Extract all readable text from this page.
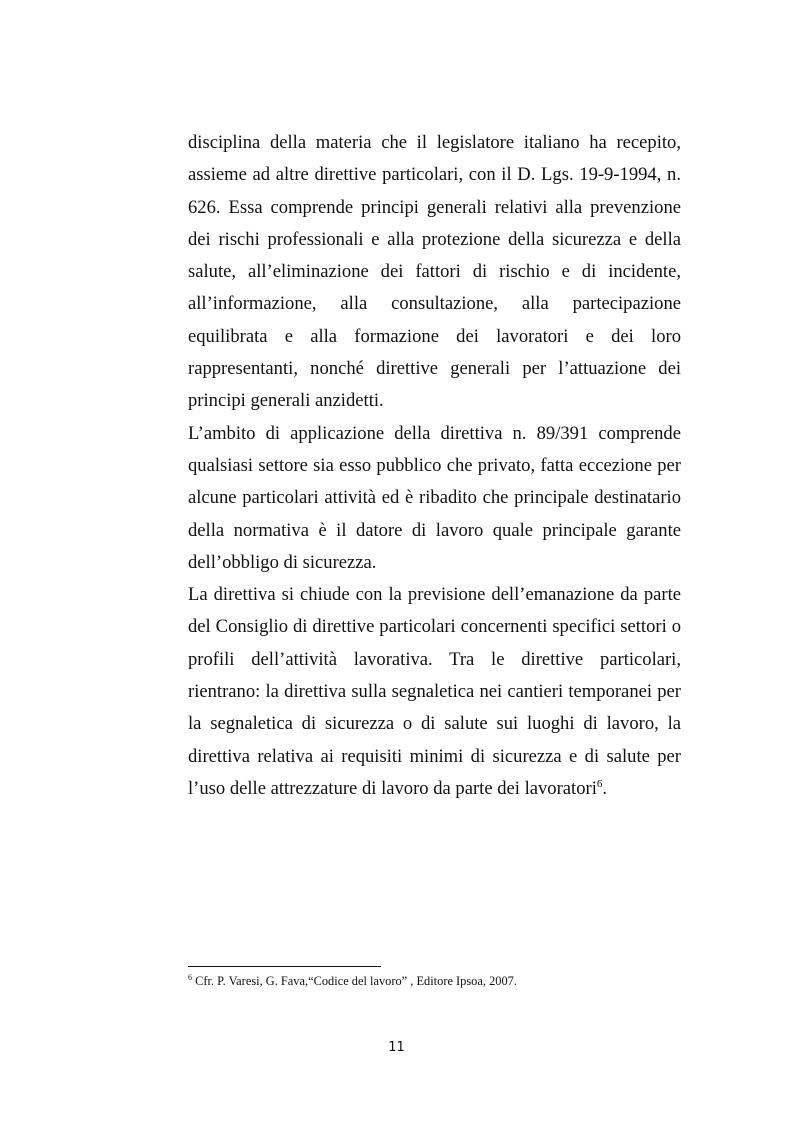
disciplina della materia che il legislatore italiano ha recepito, assieme ad altre direttive particolari, con il D. Lgs. 19-9-1994, n. 626. Essa comprende principi generali relativi alla prevenzione dei rischi professionali e alla protezione della sicurezza e della salute, all’eliminazione dei fattori di rischio e di incidente, all’informazione, alla consultazione, alla partecipazione equilibrata e alla formazione dei lavoratori e dei loro rappresentanti, nonché direttive generali per l’attuazione dei principi generali anzidetti.

L’ambito di applicazione della direttiva n. 89/391 comprende qualsiasi settore sia esso pubblico che privato, fatta eccezione per alcune particolari attività ed è ribadito che principale destinatario della normativa è il datore di lavoro quale principale garante dell’obbligo di sicurezza.

La direttiva si chiude con la previsione dell’emanazione da parte del Consiglio di direttive particolari concernenti specifici settori o profili dell’attività lavorativa. Tra le direttive particolari, rientrano: la direttiva sulla segnaletica nei cantieri temporanei per la segnaletica di sicurezza o di salute sui luoghi di lavoro, la direttiva relativa ai requisiti minimi di sicurezza e di salute per l’uso delle attrezzature di lavoro da parte dei lavoratori$^6$.

$^6$ Cfr. P. Varesi, G. Fava,“Codice del lavoro” , Editore Ipsoa, 2007.

11
